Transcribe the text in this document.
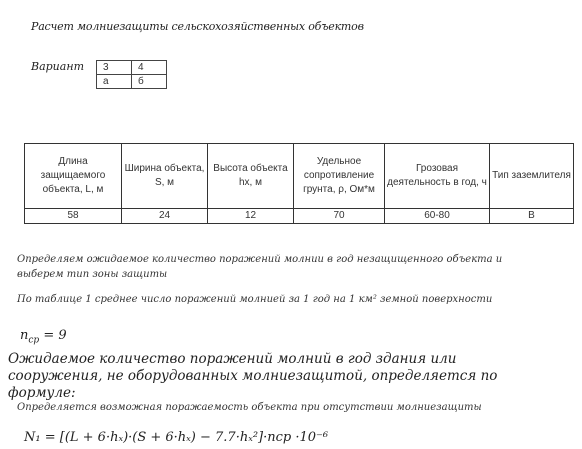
Расчет молниезащиты сельскохозяйственных объектов
Вариант 3	4
а	б
Длина защищаемого объекта, L, м	Ширина объекта, S, м	Высота объекта hx, м	Удельное сопротивление грунта, ρ, Ом*м	Грозовая деятельность в год, ч	Тип заземлителя
58	24	12	70	60-80	В
Определяем ожидаемое количество поражений молнии в год незащищенного объекта и выберем тип зоны защиты
По таблице 1 среднее число поражений молнией за 1 год на 1 км² земной поверхности
$n_{ср} = 9$
Ожидаемое количество поражений молний в год здания или сооружения, не оборудованных молниезащитой, определяется по формуле:
Определяется возможная поражаемость объекта при отсутствии молниезащиты
N₁ = [(L + 6·hₓ)·(S + 6·hₓ) − 7.7·hₓ²]·nср ·10⁻⁶
